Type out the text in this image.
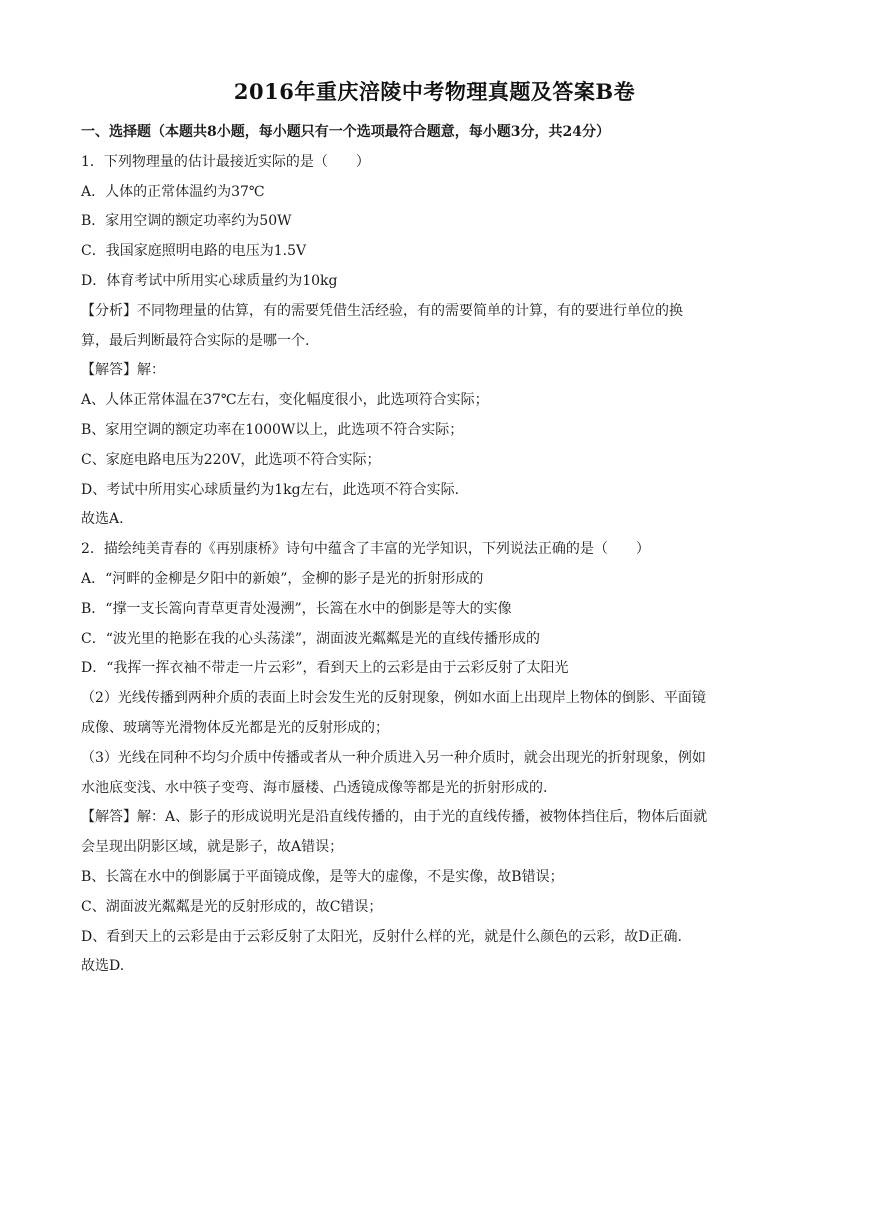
2016年重庆涪陵中考物理真题及答案B卷
一、选择题（本题共8小题，每小题只有一个选项最符合题意，每小题3分，共24分）
1．下列物理量的估计最接近实际的是（　　）
A．人体的正常体温约为37℃
B．家用空调的额定功率约为50W
C．我国家庭照明电路的电压为1.5V
D．体育考试中所用实心球质量约为10kg
【分析】不同物理量的估算，有的需要凭借生活经验，有的需要简单的计算，有的要进行单位的换
算，最后判断最符合实际的是哪一个.
【解答】解：
A、人体正常体温在37℃左右，变化幅度很小，此选项符合实际；
B、家用空调的额定功率在1000W以上，此选项不符合实际；
C、家庭电路电压为220V，此选项不符合实际；
D、考试中所用实心球质量约为1kg左右，此选项不符合实际.
故选A.
2．描绘纯美青春的《再别康桥》诗句中蕴含了丰富的光学知识，下列说法正确的是（　　）
A．“河畔的金柳是夕阳中的新娘”，金柳的影子是光的折射形成的
B．“撑一支长篙向青草更青处漫溯”，长篙在水中的倒影是等大的实像
C．“波光里的艳影在我的心头荡漾”，湖面波光粼粼是光的直线传播形成的
D．“我挥一挥衣袖不带走一片云彩”，看到天上的云彩是由于云彩反射了太阳光
（2）光线传播到两种介质的表面上时会发生光的反射现象，例如水面上出现岸上物体的倒影、平面镜
成像、玻璃等光滑物体反光都是光的反射形成的；
（3）光线在同种不均匀介质中传播或者从一种介质进入另一种介质时，就会出现光的折射现象，例如
水池底变浅、水中筷子变弯、海市蜃楼、凸透镜成像等都是光的折射形成的.
【解答】解：A、影子的形成说明光是沿直线传播的，由于光的直线传播，被物体挡住后，物体后面就
会呈现出阴影区域，就是影子，故A错误；
B、长篙在水中的倒影属于平面镜成像，是等大的虚像，不是实像，故B错误；
C、湖面波光粼粼是光的反射形成的，故C错误；
D、看到天上的云彩是由于云彩反射了太阳光，反射什么样的光，就是什么颜色的云彩，故D正确.
故选D.
